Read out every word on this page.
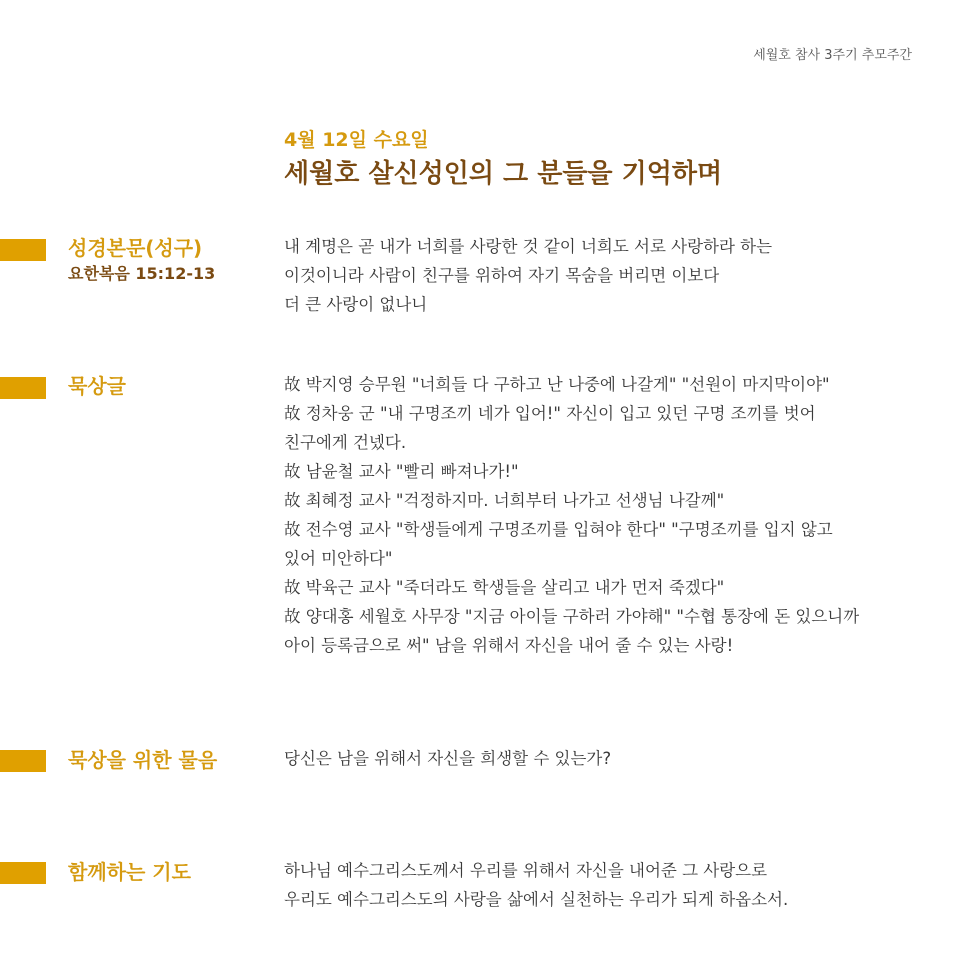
세월호 참사 3주기 추모주간
4월 12일 수요일
세월호 살신성인의 그 분들을 기억하며
성경본문(성구)
요한복음 15:12-13
내 계명은 곧 내가 너희를 사랑한 것 같이 너희도 서로 사랑하라 하는
이것이니라 사람이 친구를 위하여 자기 목숨을 버리면 이보다
더 큰 사랑이 없나니
묵상글	故 박지영 승무원 "너희들 다 구하고 난 나중에 나갈게" "선원이 마지막이야"
故 정차웅 군 "내 구명조끼 네가 입어!" 자신이 입고 있던 구명 조끼를 벗어
친구에게 건넸다.
故 남윤철 교사 "빨리 빠져나가!"
故 최혜정 교사 "걱정하지마. 너희부터 나가고 선생님 나갈께"
故 전수영 교사 "학생들에게 구명조끼를 입혀야 한다" "구명조끼를 입지 않고
있어 미안하다"
故 박육근 교사 "죽더라도 학생들을 살리고 내가 먼저 죽겠다"
故 양대홍 세월호 사무장 "지금 아이들 구하러 가야해" "수협 통장에 돈 있으니까
아이 등록금으로 써" 남을 위해서 자신을 내어 줄 수 있는 사랑!
묵상을 위한 물음	당신은 남을 위해서 자신을 희생할 수 있는가?
함께하는 기도	하나님 예수그리스도께서 우리를 위해서 자신을 내어준 그 사랑으로
우리도 예수그리스도의 사랑을 삶에서 실천하는 우리가 되게 하옵소서.
